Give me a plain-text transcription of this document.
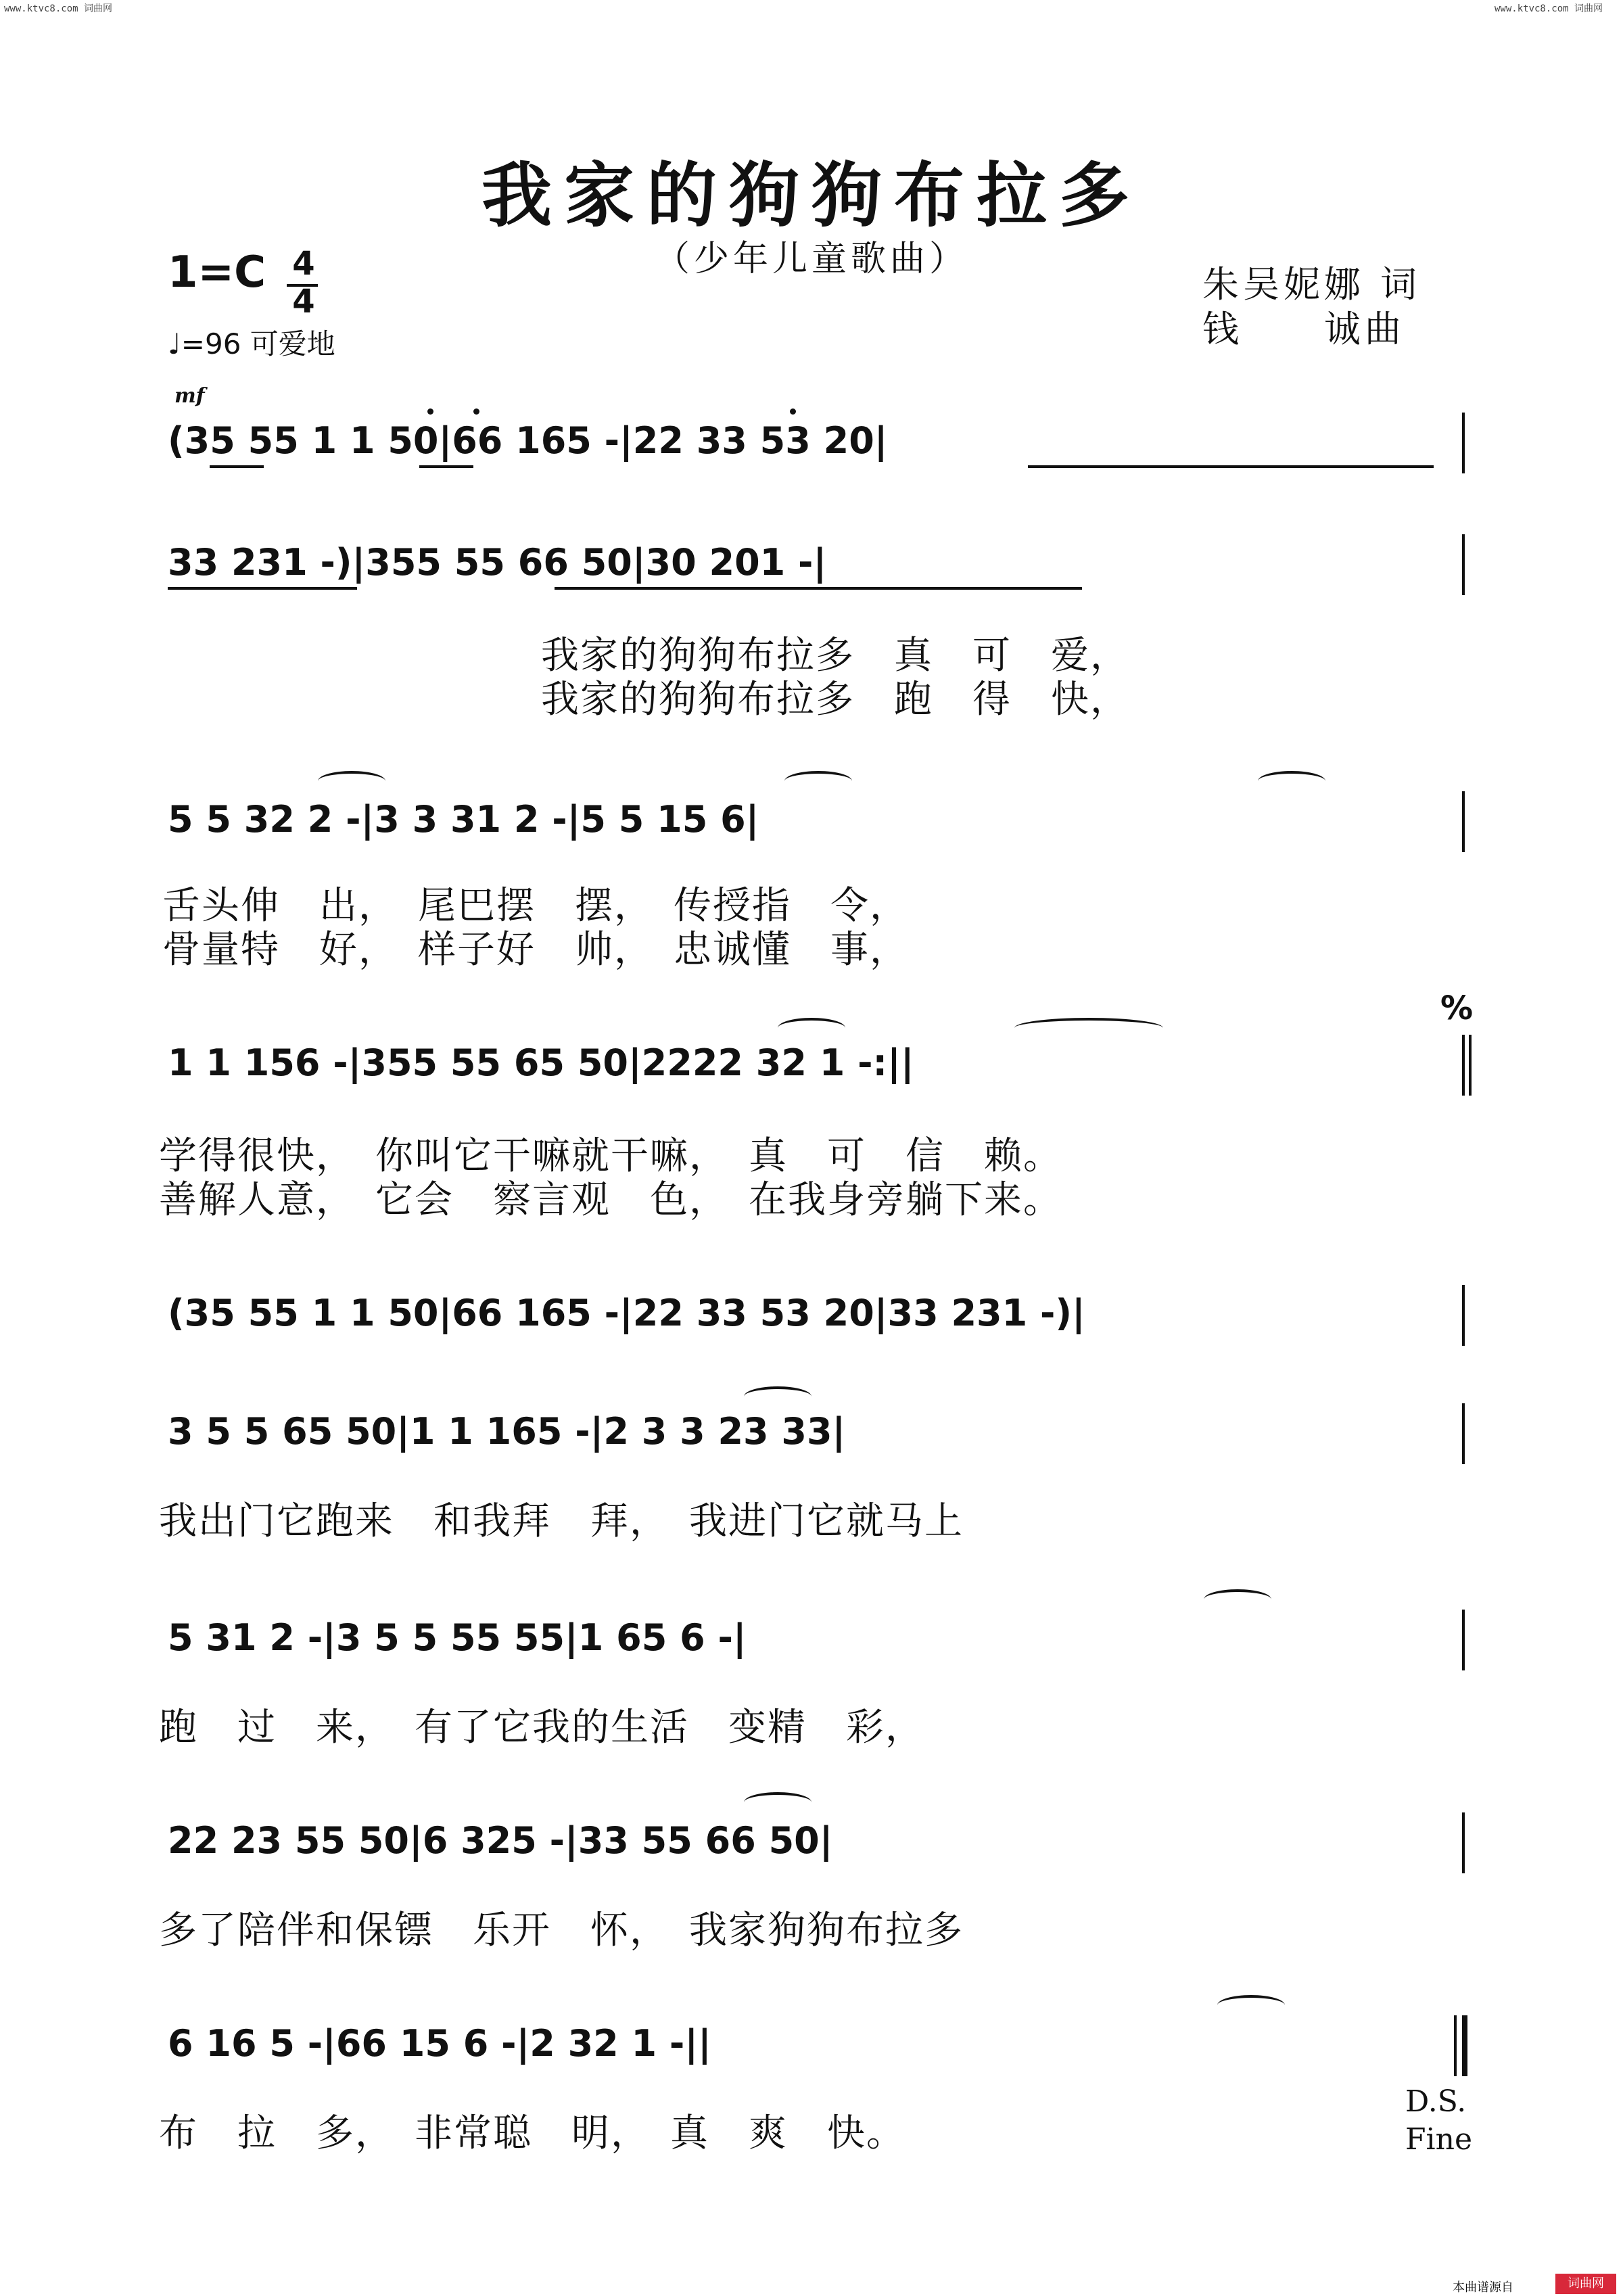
www.ktvc8.com 词曲网	www.ktvc8.com 词曲网
我家的狗狗布拉多
（少年儿童歌曲）
1=C 4
4
♩=96 可爱地
朱吴妮娜 词
钱　　诚曲
mf
(35 55 1 1 50|66 165 -|22 33 53 20|
33 231 -)|355 55 66 50|30 201 -|
我家的狗狗布拉多　真　可　爱，
我家的狗狗布拉多　跑　得　快，
5 5 32 2 -|3 3 31 2 -|5 5 15 6|
舌头伸　出，　尾巴摆　摆，　传授指　令，
骨量特　好，　样子好　帅，　忠诚懂　事，
1 1 156 -|355 55 65 50|2222 32 1 -:||
学得很快，　你叫它干嘛就干嘛，　真　可　信　赖。
善解人意，　它会　察言观　色，　在我身旁躺下来。
(35 55 1 1 50|66 165 -|22 33 53 20|33 231 -)|
3 5 5 65 50|1 1 165 -|2 3 3 23 33|
我出门它跑来　和我拜　拜，　我进门它就马上
5 31 2 -|3 5 5 55 55|1 65 6 -|
跑　过　来，　有了它我的生活　变精　彩，
22 23 55 50|6 325 -|33 55 66 50|
多了陪伴和保镖　乐开　怀，　我家狗狗布拉多
6 16 5 -|66 15 6 -|2 32 1 -||
布　拉　多，　非常聪　明，　真　爽　快。
%
D.S.
Fine
本曲谱源自	词曲网
